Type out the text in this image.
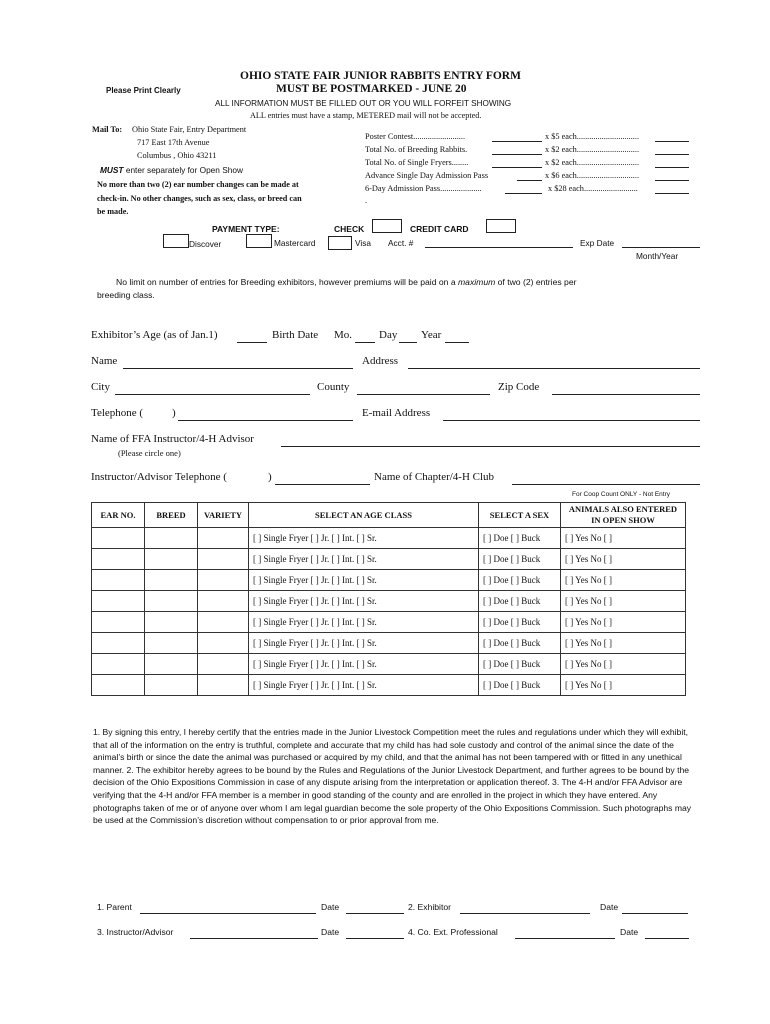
OHIO STATE FAIR JUNIOR RABBITS ENTRY FORM
Please Print Clearly	MUST BE POSTMARKED - JUNE 20
ALL INFORMATION MUST BE FILLED OUT OR YOU WILL FORFEIT SHOWING
ALL entries must have a stamp, METERED mail will not be accepted.
Mail To: Ohio State Fair, Entry Department
717 East 17th Avenue
Columbus , Ohio 43211
MUST enter separately for Open Show
No more than two (2) ear number changes can be made at
check-in. No other changes, such as sex, class, or breed can
be made.
Poster Contest.........................	x $5 each..............................
Total No. of Breeding Rabbits.	x $2 each..............................
Total No. of Single Fryers........	x $2 each..............................
Advance Single Day Admission Pass	x $6 each..............................
6-Day Admission Pass....................	x $28 each..........................
.
PAYMENT TYPE:	CHECK	CREDIT CARD
Discover	Mastercard	Visa Acct. #	Exp Date
Month/Year
No limit on number of entries for Breeding exhibitors, however premiums will be paid on a maximum of two (2) entries per
breeding class.
Exhibitor’s Age (as of Jan.1)	Birth Date Mo. Day Year
Name	Address
City	County	Zip Code
Telephone (	)	E-mail Address
Name of FFA Instructor/4-H Advisor
(Please circle one)
Instructor/Advisor Telephone (	)	Name of Chapter/4-H Club
For Coop Count ONLY - Not Entry
EAR NO.	BREED	VARIETY	SELECT AN AGE CLASS	SELECT A SEX	ANIMALS ALSO ENTERED IN OPEN SHOW
			[ ] Single Fryer [ ] Jr. [ ] Int. [ ] Sr.	[ ] Doe [ ] Buck	[ ] Yes No [ ]
			[ ] Single Fryer [ ] Jr. [ ] Int. [ ] Sr.	[ ] Doe [ ] Buck	[ ] Yes No [ ]
			[ ] Single Fryer [ ] Jr. [ ] Int. [ ] Sr.	[ ] Doe [ ] Buck	[ ] Yes No [ ]
			[ ] Single Fryer [ ] Jr. [ ] Int. [ ] Sr.	[ ] Doe [ ] Buck	[ ] Yes No [ ]
			[ ] Single Fryer [ ] Jr. [ ] Int. [ ] Sr.	[ ] Doe [ ] Buck	[ ] Yes No [ ]
			[ ] Single Fryer [ ] Jr. [ ] Int. [ ] Sr.	[ ] Doe [ ] Buck	[ ] Yes No [ ]
			[ ] Single Fryer [ ] Jr. [ ] Int. [ ] Sr.	[ ] Doe [ ] Buck	[ ] Yes No [ ]
			[ ] Single Fryer [ ] Jr. [ ] Int. [ ] Sr.	[ ] Doe [ ] Buck	[ ] Yes No [ ]
1. By signing this entry, I hereby certify that the entries made in the Junior Livestock Competition meet the rules and regulations under which they will exhibit, that all of the information on the entry is truthful, complete and accurate that my child has had sole custody and control of the animal since the date of the animal’s birth or since the date the animal was purchased or acquired by my child, and that the animal has not been tampered with or fitted in any unethical manner. 2. The exhibitor hereby agrees to be bound by the Rules and Regulations of the Junior Livestock Department, and further agrees to be bound by the decision of the Ohio Expositions Commission in case of any dispute arising from the interpretation or application thereof. 3. The 4-H and/or FFA Advisor are verifying that the 4-H and/or FFA member is a member in good standing of the county and are enrolled in the project in which they have entered. Any photographs taken of me or of anyone over whom I am legal guardian become the sole property of the Ohio Expositions Commission. Such photographs may be used at the Commission’s discretion without compensation to or prior approval from me.
1. Parent	Date	2. Exhibitor	Date
3. Instructor/Advisor	Date	4. Co. Ext. Professional	Date
